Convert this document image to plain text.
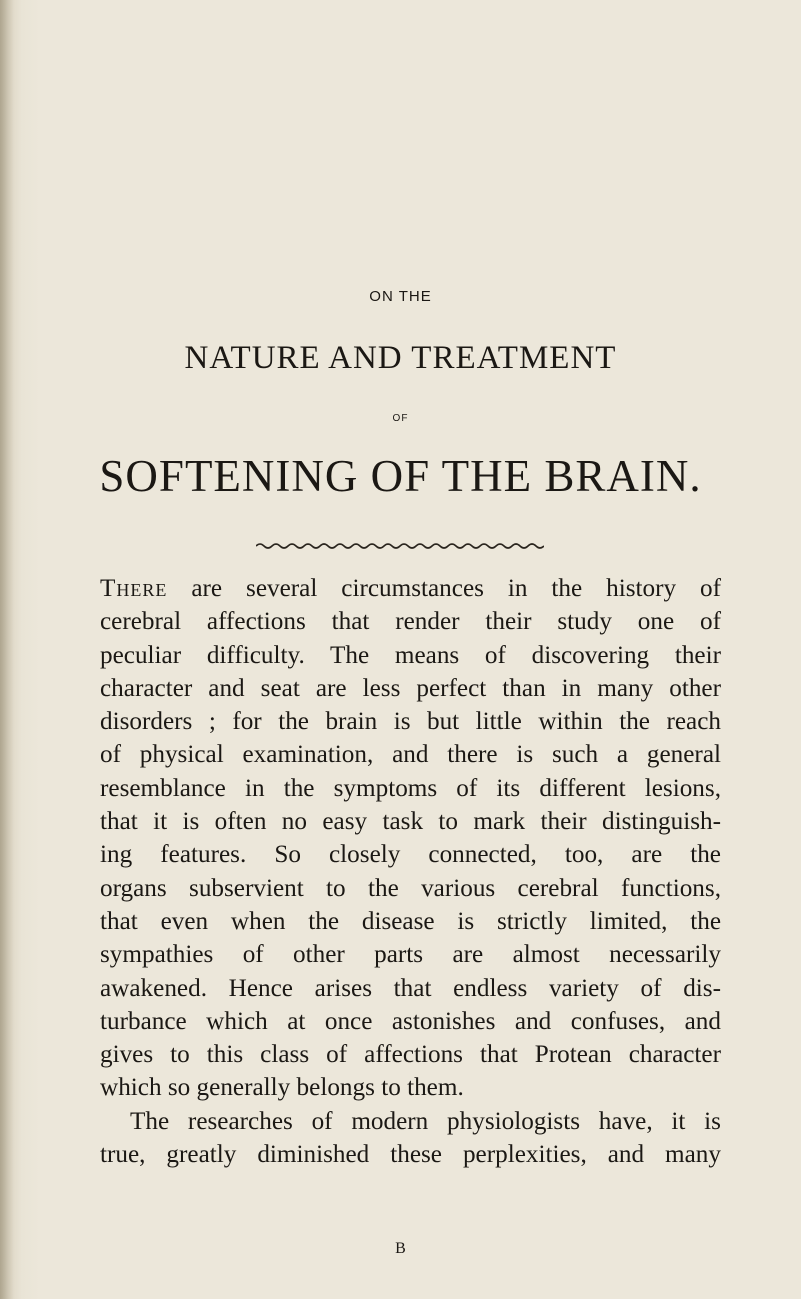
ON THE
NATURE AND TREATMENT
OF
SOFTENING OF THE BRAIN.
There are several circumstances in the history of
cerebral affections that render their study one of
peculiar difficulty. The means of discovering their
character and seat are less perfect than in many other
disorders ; for the brain is but little within the reach
of physical examination, and there is such a general
resemblance in the symptoms of its different lesions,
that it is often no easy task to mark their distinguish-
ing features. So closely connected, too, are the
organs subservient to the various cerebral functions,
that even when the disease is strictly limited, the
sympathies of other parts are almost necessarily
awakened. Hence arises that endless variety of dis-
turbance which at once astonishes and confuses, and
gives to this class of affections that Protean character
which so generally belongs to them.
The researches of modern physiologists have, it is
true, greatly diminished these perplexities, and many
B
